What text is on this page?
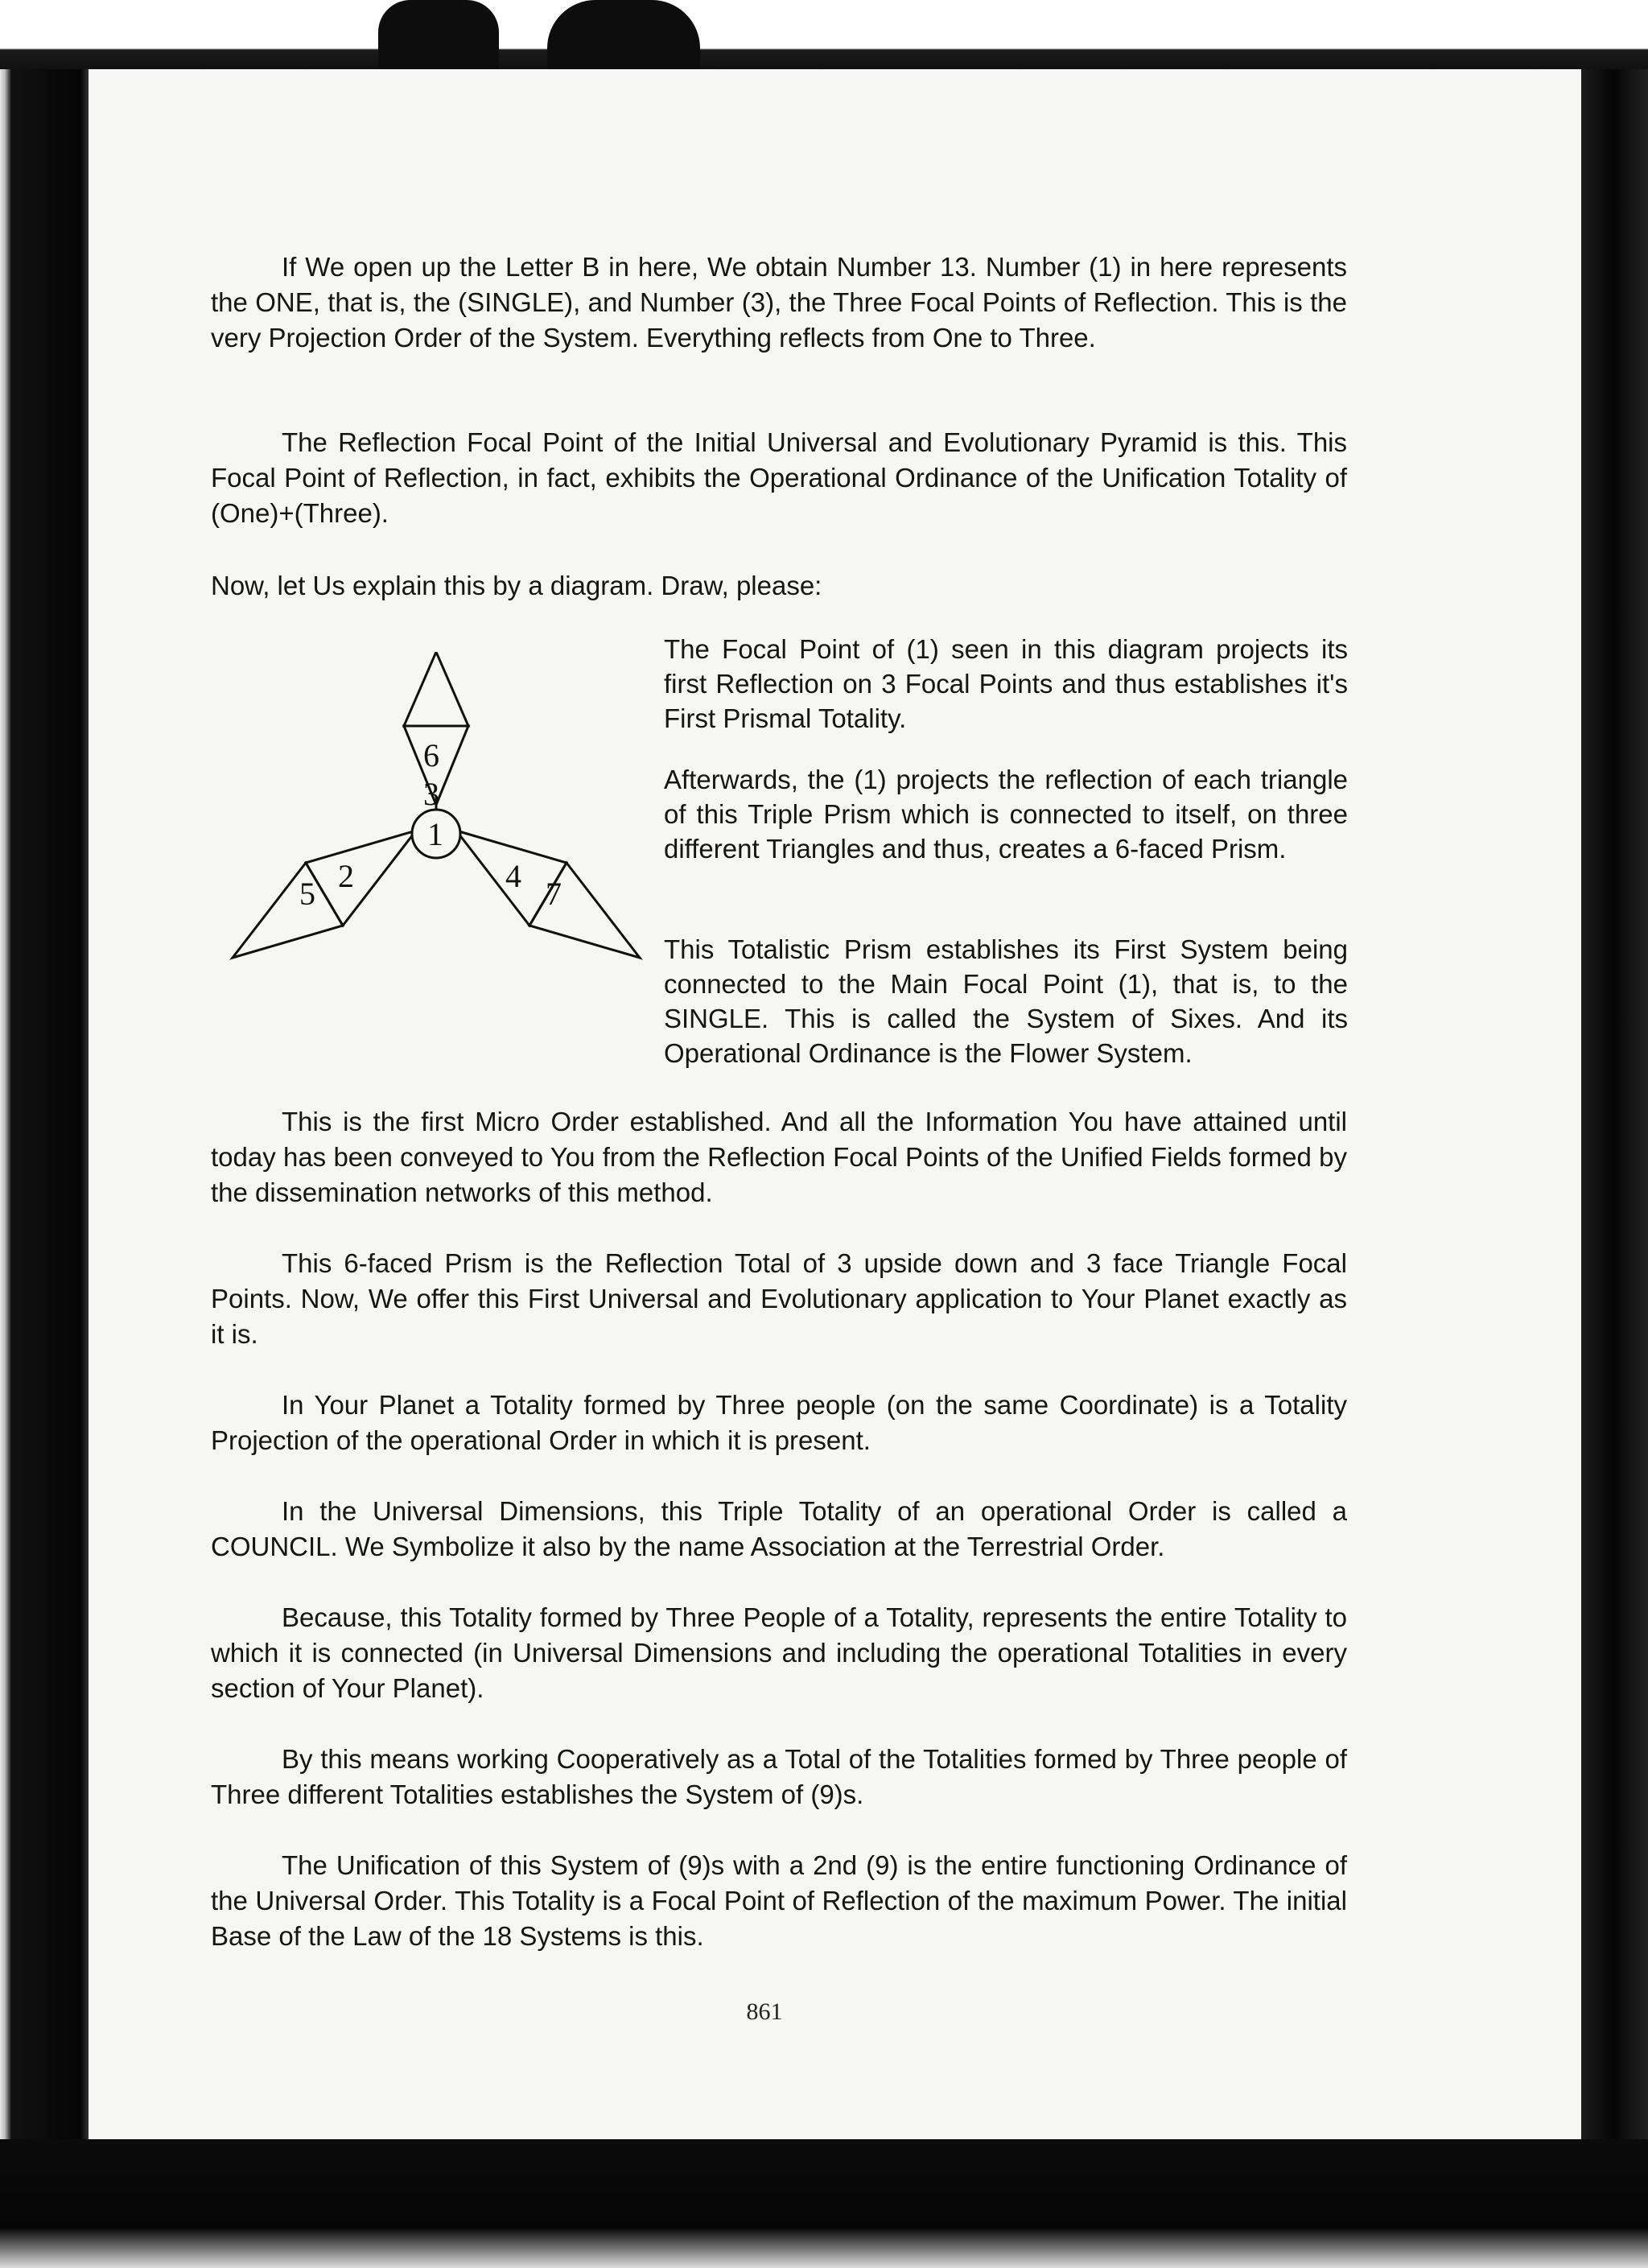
If We open up the Letter B in here, We obtain Number 13. Number (1) in here represents the ONE, that is, the (SINGLE), and Number (3), the Three Focal Points of Reflection. This is the very Projection Order of the System. Everything reflects from One to Three.

The Reflection Focal Point of the Initial Universal and Evolutionary Pyramid is this. This Focal Point of Reflection, in fact, exhibits the Operational Ordinance of the Unification Totality of (One)+(Three).

Now, let Us explain this by a diagram. Draw, please:

6
3
1
2
5	4 7

The Focal Point of (1) seen in this diagram projects its first Reflection on 3 Focal Points and thus establishes it's First Prismal Totality.

Afterwards, the (1) projects the reflection of each triangle of this Triple Prism which is connected to itself, on three different Triangles and thus, creates a 6-faced Prism.

This Totalistic Prism establishes its First System being connected to the Main Focal Point (1), that is, to the SINGLE. This is called the System of Sixes. And its Operational Ordinance is the Flower System.

This is the first Micro Order established. And all the Information You have attained until today has been conveyed to You from the Reflection Focal Points of the Unified Fields formed by the dissemination networks of this method.

This 6-faced Prism is the Reflection Total of 3 upside down and 3 face Triangle Focal Points. Now, We offer this First Universal and Evolutionary application to Your Planet exactly as it is.

In Your Planet a Totality formed by Three people (on the same Coordinate) is a Totality Projection of the operational Order in which it is present.

In the Universal Dimensions, this Triple Totality of an operational Order is called a COUNCIL. We Symbolize it also by the name Association at the Terrestrial Order.

Because, this Totality formed by Three People of a Totality, represents the entire Totality to which it is connected (in Universal Dimensions and including the operational Totalities in every section of Your Planet).

By this means working Cooperatively as a Total of the Totalities formed by Three people of Three different Totalities establishes the System of (9)s.

The Unification of this System of (9)s with a 2nd (9) is the entire functioning Ordinance of the Universal Order. This Totality is a Focal Point of Reflection of the maximum Power. The initial Base of the Law of the 18 Systems is this.

861
